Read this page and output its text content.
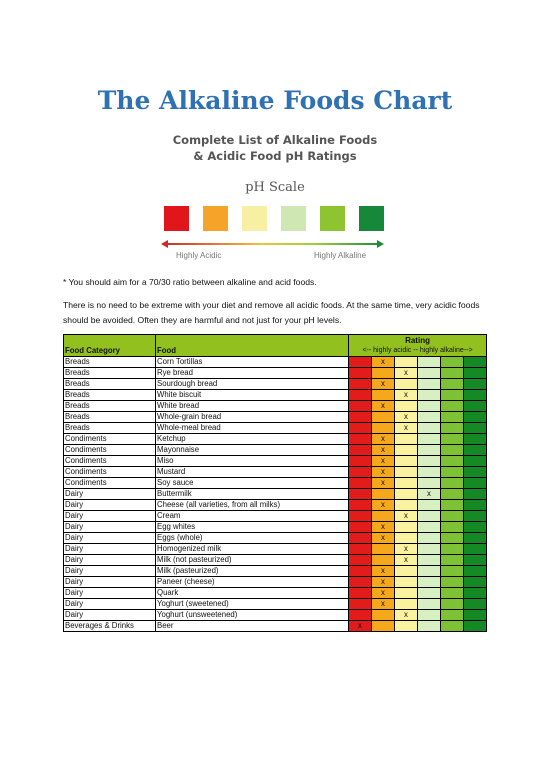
The Alkaline Foods Chart
Complete List of Alkaline Foods
& Acidic Food pH Ratings
pH Scale
Highly Acidic	Highly Alkaline
* You should aim for a 70/30 ratio between alkaline and acid foods.
There is no need to be extreme with your diet and remove all acidic foods. At the same time, very acidic foods should be avoided. Often they are harmful and not just for your pH levels.
Food Category	Food	Rating
<-- highly acidic -- highly alkaline-->					

Breads	Corn Tortillas		x				
Breads	Rye bread			x			
Breads	Sourdough bread		x				
Breads	White biscuit			x			
Breads	White bread		x				
Breads	Whole-grain bread			x			
Breads	Whole-meal bread			x			
Condiments	Ketchup		x				
Condiments	Mayonnaise		x				
Condiments	Miso		x				
Condiments	Mustard		x				
Condiments	Soy sauce		x				
Dairy	Buttermilk				x		
Dairy	Cheese (all varieties, from all milks)		x				
Dairy	Cream			x			
Dairy	Egg whites		x				
Dairy	Eggs (whole)		x				
Dairy	Homogenized milk			x			
Dairy	Milk (not pasteurized)			x			
Dairy	Milk (pasteurized)		x				
Dairy	Paneer (cheese)		x				
Dairy	Quark		x				
Dairy	Yoghurt (sweetened)		x				
Dairy	Yoghurt (unsweetened)			x			
Beverages & Drinks	Beer	x					
